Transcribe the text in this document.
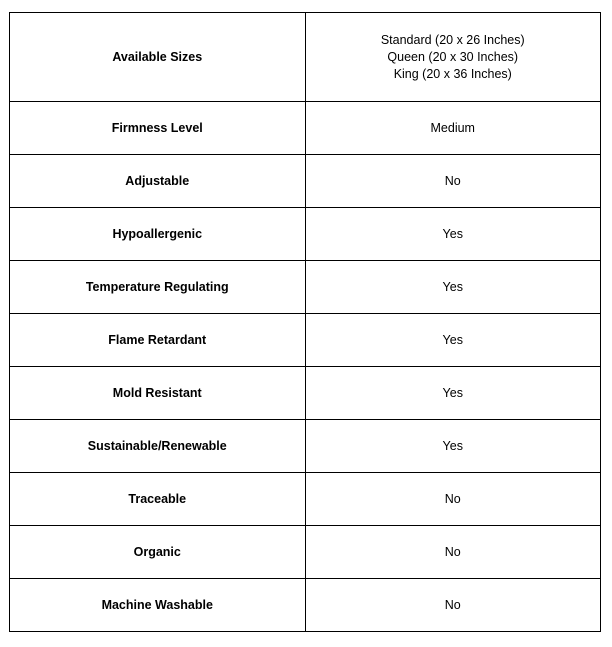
Available Sizes	Standard (20 x 26 Inches)
Queen (20 x 30 Inches)
King (20 x 36 Inches)

Firmness Level	Medium
Adjustable	No
Hypoallergenic	Yes
Temperature Regulating	Yes
Flame Retardant	Yes
Mold Resistant	Yes
Sustainable/Renewable	Yes
Traceable	No
Organic	No
Machine Washable	No
